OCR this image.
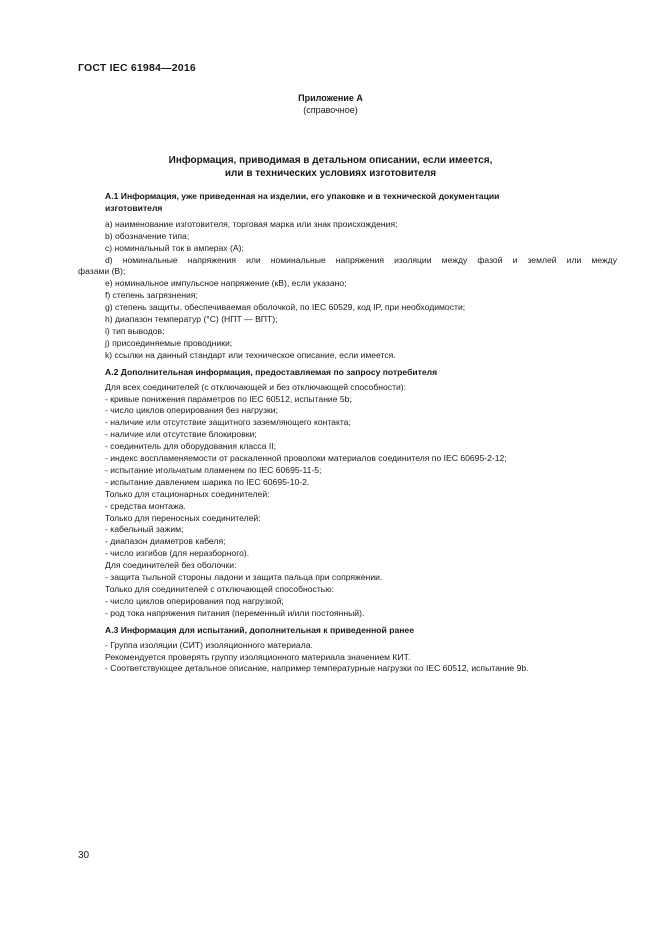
ГОСТ IEC 61984—2016
Приложение А
(справочное)
Информация, приводимая в детальном описании, если имеется,
или в технических условиях изготовителя
А.1 Информация, уже приведенная на изделии, его упаковке и в технической документации
изготовителя
a) наименование изготовителя, торговая марка или знак происхождения;
b) обозначение типа;
c) номинальный ток в амперах (А);
d) номинальные напряжения или номинальные напряжения изоляции между фазой и землей или между
фазами (В);
e) номинальное импульсное напряжение (кВ), если указано;
f) степень загрязнения;
g) степень защиты, обеспечиваемая оболочкой, по IEC 60529, код IP, при необходимости;
h) диапазон температур (°С) (НПТ — ВПТ);
i) тип выводов;
j) присоединяемые проводники;
k) ссылки на данный стандарт или техническое описание, если имеется.
А.2 Дополнительная информация, предоставляемая по запросу потребителя
Для всех соединителей (с отключающей и без отключающей способности):
- кривые понижения параметров по IEC 60512, испытание 5b;
- число циклов оперирования без нагрузки;
- наличие или отсутствие защитного заземляющего контакта;
- наличие или отсутствие блокировки;
- соединитель для оборудования класса II;
- индекс воспламеняемости от раскаленной проволоки материалов соединителя по IEC 60695-2-12;
- испытание игольчатым пламенем по IEC 60695-11-5;
- испытание давлением шарика по IEC 60695-10-2.
Только для стационарных соединителей:
- средства монтажа.
Только для переносных соединителей:
- кабельный зажим;
- диапазон диаметров кабеля;
- число изгибов (для неразборного).
Для соединителей без оболочки:
- защита тыльной стороны ладони и защита пальца при сопряжении.
Только для соединителей с отключающей способностью:
- число циклов оперирования под нагрузкой;
- род тока напряжения питания (переменный и/или постоянный).
А.3 Информация для испытаний, дополнительная к приведенной ранее
- Группа изоляции (СИТ) изоляционного материала.
Рекомендуется проверять группу изоляционного материала значением КИТ.
- Соответствующее детальное описание, например температурные нагрузки по IEC 60512, испытание 9b.
30
